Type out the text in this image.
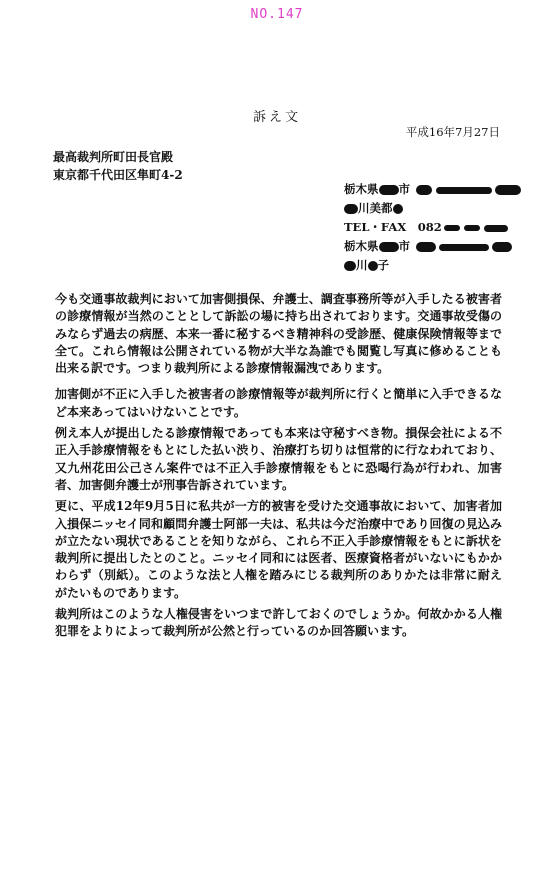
NO.147
訴え文
平成16年7月27日
最高裁判所町田長官殿
東京都千代田区隼町4-2
栃木県 市
川美都
TEL・FAX　082
栃木県 市
川 子

今も交通事故裁判において加害側損保、弁護士、調査事務所等が入手したる被害者の診療情報が当然のこととして訴訟の場に持ち出されております。交通事故受傷のみならず過去の病歴、本来一番に秘するべき精神科の受診歴、健康保険情報等まで全て。これら情報は公開されている物が大半な為誰でも閲覧し写真に修めることも出来る訳です。つまり裁判所による診療情報漏洩であります。

加害側が不正に入手した被害者の診療情報等が裁判所に行くと簡単に入手できるなど本来あってはいけないことです。

例え本人が提出したる診療情報であっても本来は守秘すべき物。損保会社による不正入手診療情報をもとにした払い渋り、治療打ち切りは恒常的に行なわれており、又九州花田公己さん案件では不正入手診療情報をもとに恐喝行為が行われ、加害者、加害側弁護士が刑事告訴されています。

更に、平成12年9月5日に私共が一方的被害を受けた交通事故において、加害者加入損保ニッセイ同和顧問弁護士阿部一夫は、私共は今だ治療中であり回復の見込みが立たない現状であることを知りながら、これら不正入手診療情報をもとに訴状を裁判所に提出したとのこと。ニッセイ同和には医者、医療資格者がいないにもかかわらず（別紙）。このような法と人権を踏みにじる裁判所のありかたは非常に耐えがたいものであります。

裁判所はこのような人権侵害をいつまで許しておくのでしょうか。何故かかる人権犯罪をよりによって裁判所が公然と行っているのか回答願います。
